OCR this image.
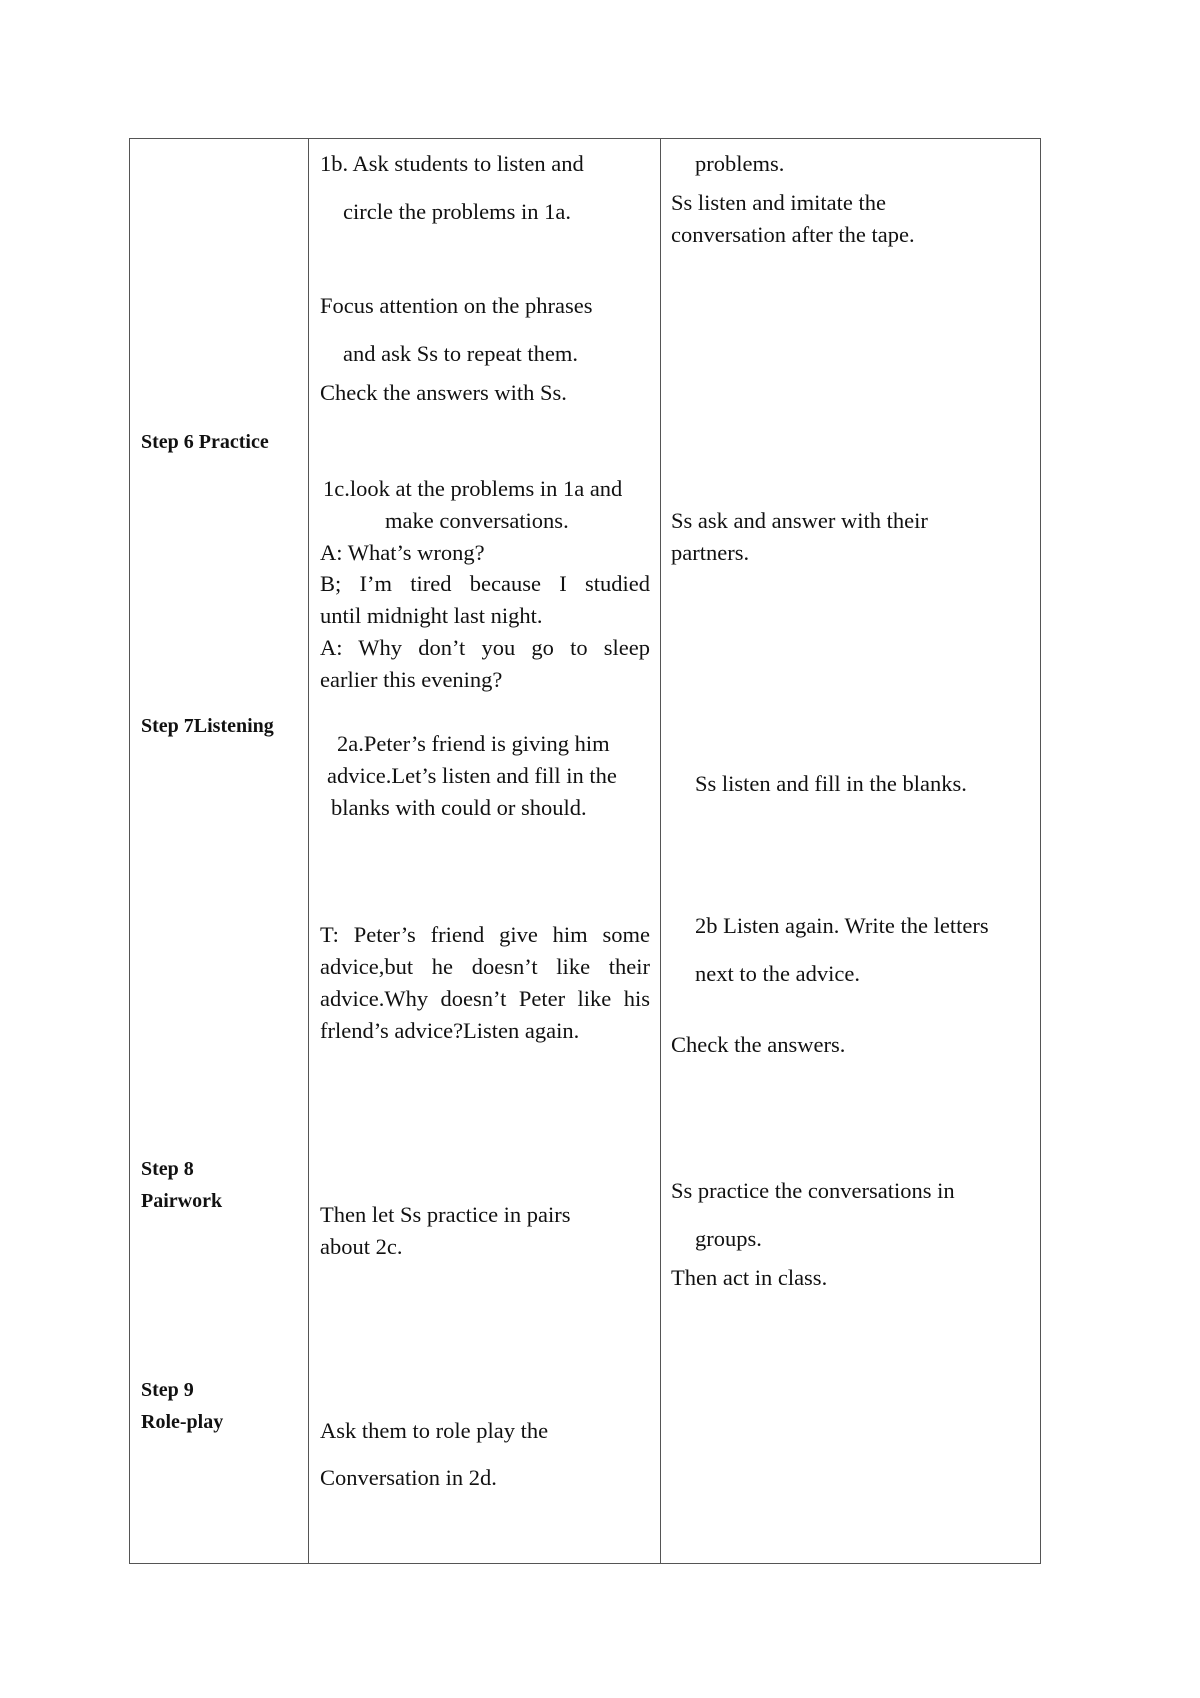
Step 6 Practice
Step 7Listening
Step 8
Pairwork
Step 9
Role-play
1b. Ask students to listen and
circle the problems in 1a.
Focus attention on the phrases
and ask Ss to repeat them.
Check the answers with Ss.
1c.look at the problems in 1a and
make conversations.
A: What’s wrong?
B; I’m tired because I studied
until midnight last night.
A: Why don’t you go to sleep
earlier this evening?
2a.Peter’s friend is giving him
advice.Let’s listen and fill in the
blanks with could or should.
T: Peter’s friend give him some
advice,but he doesn’t like their
advice.Why doesn’t Peter like his
frlend’s advice?Listen again.
Then let Ss practice in pairs
about 2c.
Ask them to role play the
Conversation in 2d.
problems.
Ss listen and imitate the
conversation after the tape.
Ss ask and answer with their
partners.
Ss listen and fill in the blanks.
2b Listen again. Write the letters
next to the advice.
Check the answers.
Ss practice the conversations in
groups.
Then act in class.
